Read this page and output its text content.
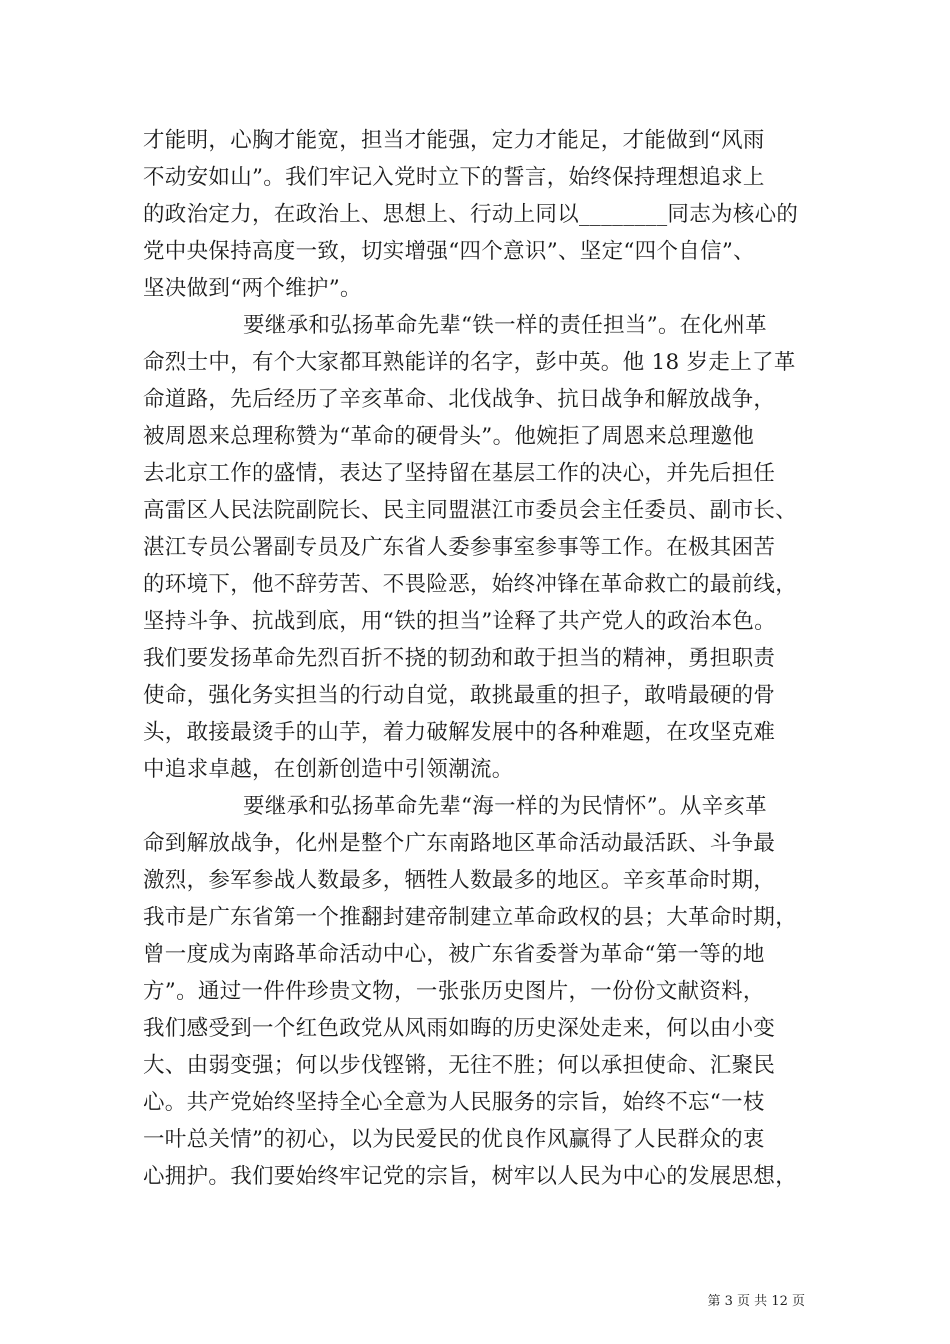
才能明，心胸才能宽，担当才能强，定力才能足，才能做到“风雨
不动安如山”。我们牢记入党时立下的誓言，始终保持理想追求上
的政治定力，在政治上、思想上、行动上同以________同志为核心的
党中央保持高度一致，切实增强“四个意识”、坚定“四个自信”、
坚决做到“两个维护”。
要继承和弘扬革命先辈“铁一样的责任担当”。在化州革
命烈士中，有个大家都耳熟能详的名字，彭中英。他 18 岁走上了革
命道路，先后经历了辛亥革命、北伐战争、抗日战争和解放战争，
被周恩来总理称赞为“革命的硬骨头”。他婉拒了周恩来总理邀他
去北京工作的盛情，表达了坚持留在基层工作的决心，并先后担任
高雷区人民法院副院长、民主同盟湛江市委员会主任委员、副市长、
湛江专员公署副专员及广东省人委参事室参事等工作。在极其困苦
的环境下，他不辞劳苦、不畏险恶，始终冲锋在革命救亡的最前线，
坚持斗争、抗战到底，用“铁的担当”诠释了共产党人的政治本色。
我们要发扬革命先烈百折不挠的韧劲和敢于担当的精神，勇担职责
使命，强化务实担当的行动自觉，敢挑最重的担子，敢啃最硬的骨
头，敢接最烫手的山芋，着力破解发展中的各种难题，在攻坚克难
中追求卓越，在创新创造中引领潮流。
要继承和弘扬革命先辈“海一样的为民情怀”。从辛亥革
命到解放战争，化州是整个广东南路地区革命活动最活跃、斗争最
激烈，参军参战人数最多，牺牲人数最多的地区。辛亥革命时期，
我市是广东省第一个推翻封建帝制建立革命政权的县；大革命时期，
曾一度成为南路革命活动中心，被广东省委誉为革命“第一等的地
方”。通过一件件珍贵文物，一张张历史图片，一份份文献资料，
我们感受到一个红色政党从风雨如晦的历史深处走来，何以由小变
大、由弱变强；何以步伐铿锵，无往不胜；何以承担使命、汇聚民
心。共产党始终坚持全心全意为人民服务的宗旨，始终不忘“一枝
一叶总关情”的初心，以为民爱民的优良作风赢得了人民群众的衷
心拥护。我们要始终牢记党的宗旨，树牢以人民为中心的发展思想，
第 3 页 共 12 页
